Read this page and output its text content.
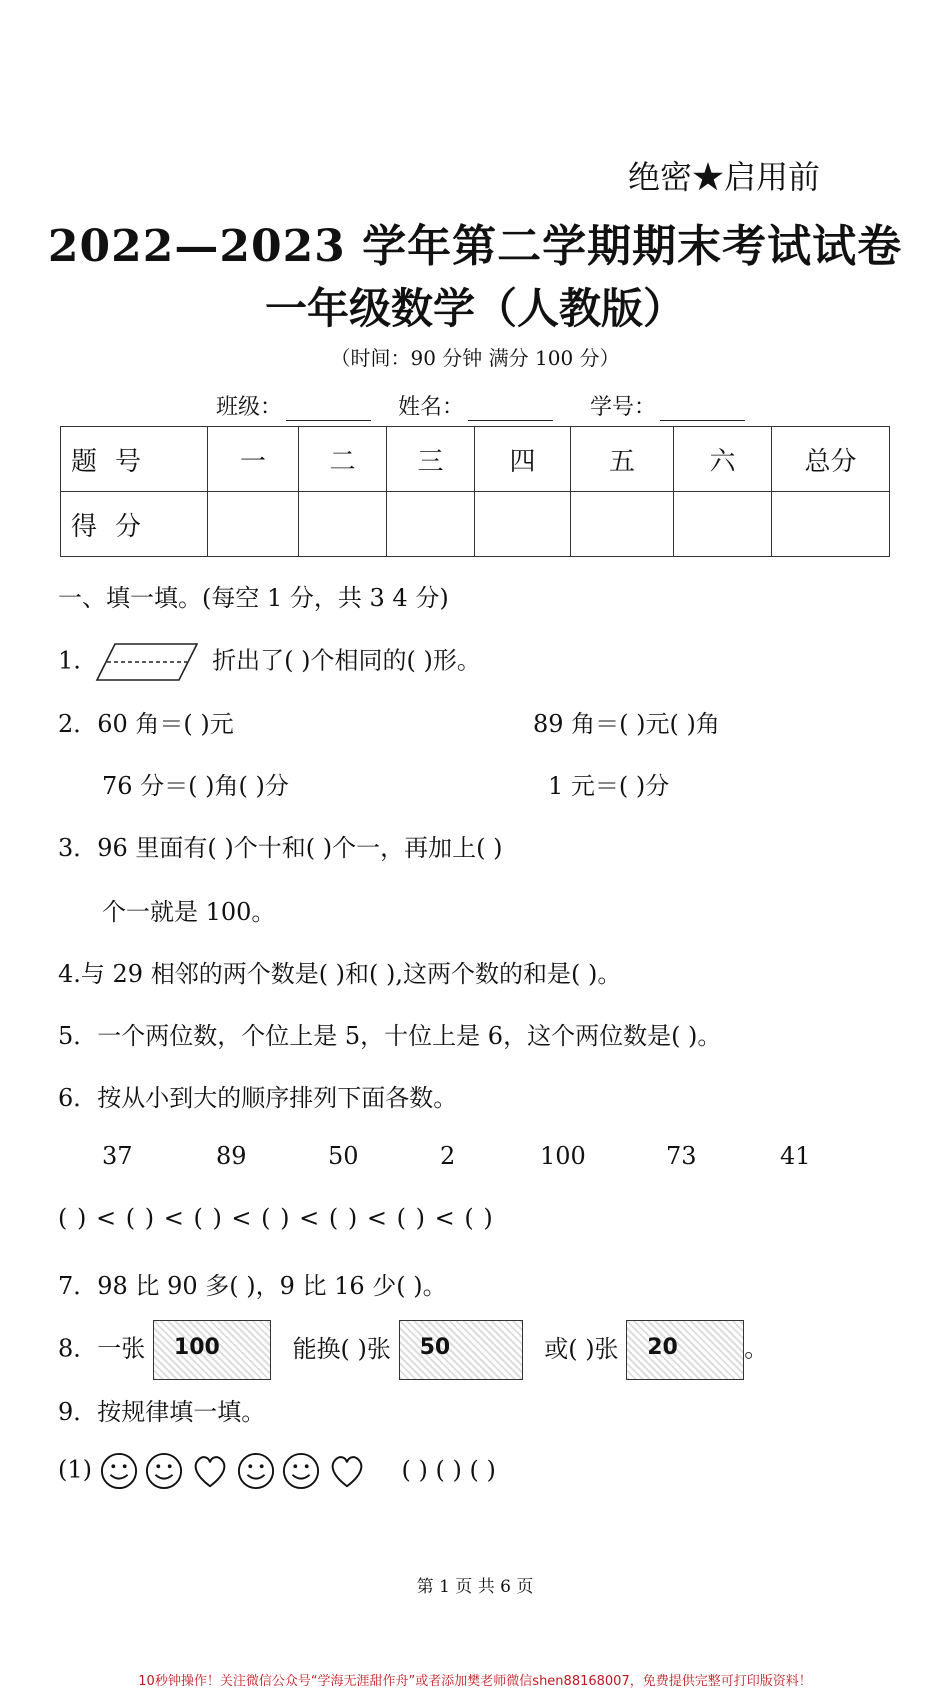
绝密★启用前
2022—2023 学年第二学期期末考试试卷
一年级数学（人教版）
（时间：90 分钟 满分 100 分）
班级：	姓名：	学号：
题号	一	二	三	四	五	六	总分
得分							
一、填一填。(每空 1 分，共 3 4 分)
1.	折出了( )个相同的( )形。
2．60 角＝( )元	89 角＝( )元( )角
76 分＝( )角( )分	1 元＝( )分
3．96 里面有( )个十和( )个一，再加上( )
个一就是 100。
4.与 29 相邻的两个数是( )和( ),这两个数的和是( )。
5．一个两位数，个位上是 5，十位上是 6，这个两位数是( )。
6．按从小到大的顺序排列下面各数。
37	89	50	2	100	73	41
( ) < ( ) < ( ) < ( ) < ( ) < ( ) < ( )
7．98 比 90 多( )，9 比 16 少( )。
8．一张 100	能换( )张 50	或( )张 20	。
9．按规律填一填。
(1)	( ) ( ) ( )
第 1 页 共 6 页
10秒钟操作！关注微信公众号“学海无涯甜作舟”或者添加樊老师微信shen88168007，免费提供完整可打印版资料！
